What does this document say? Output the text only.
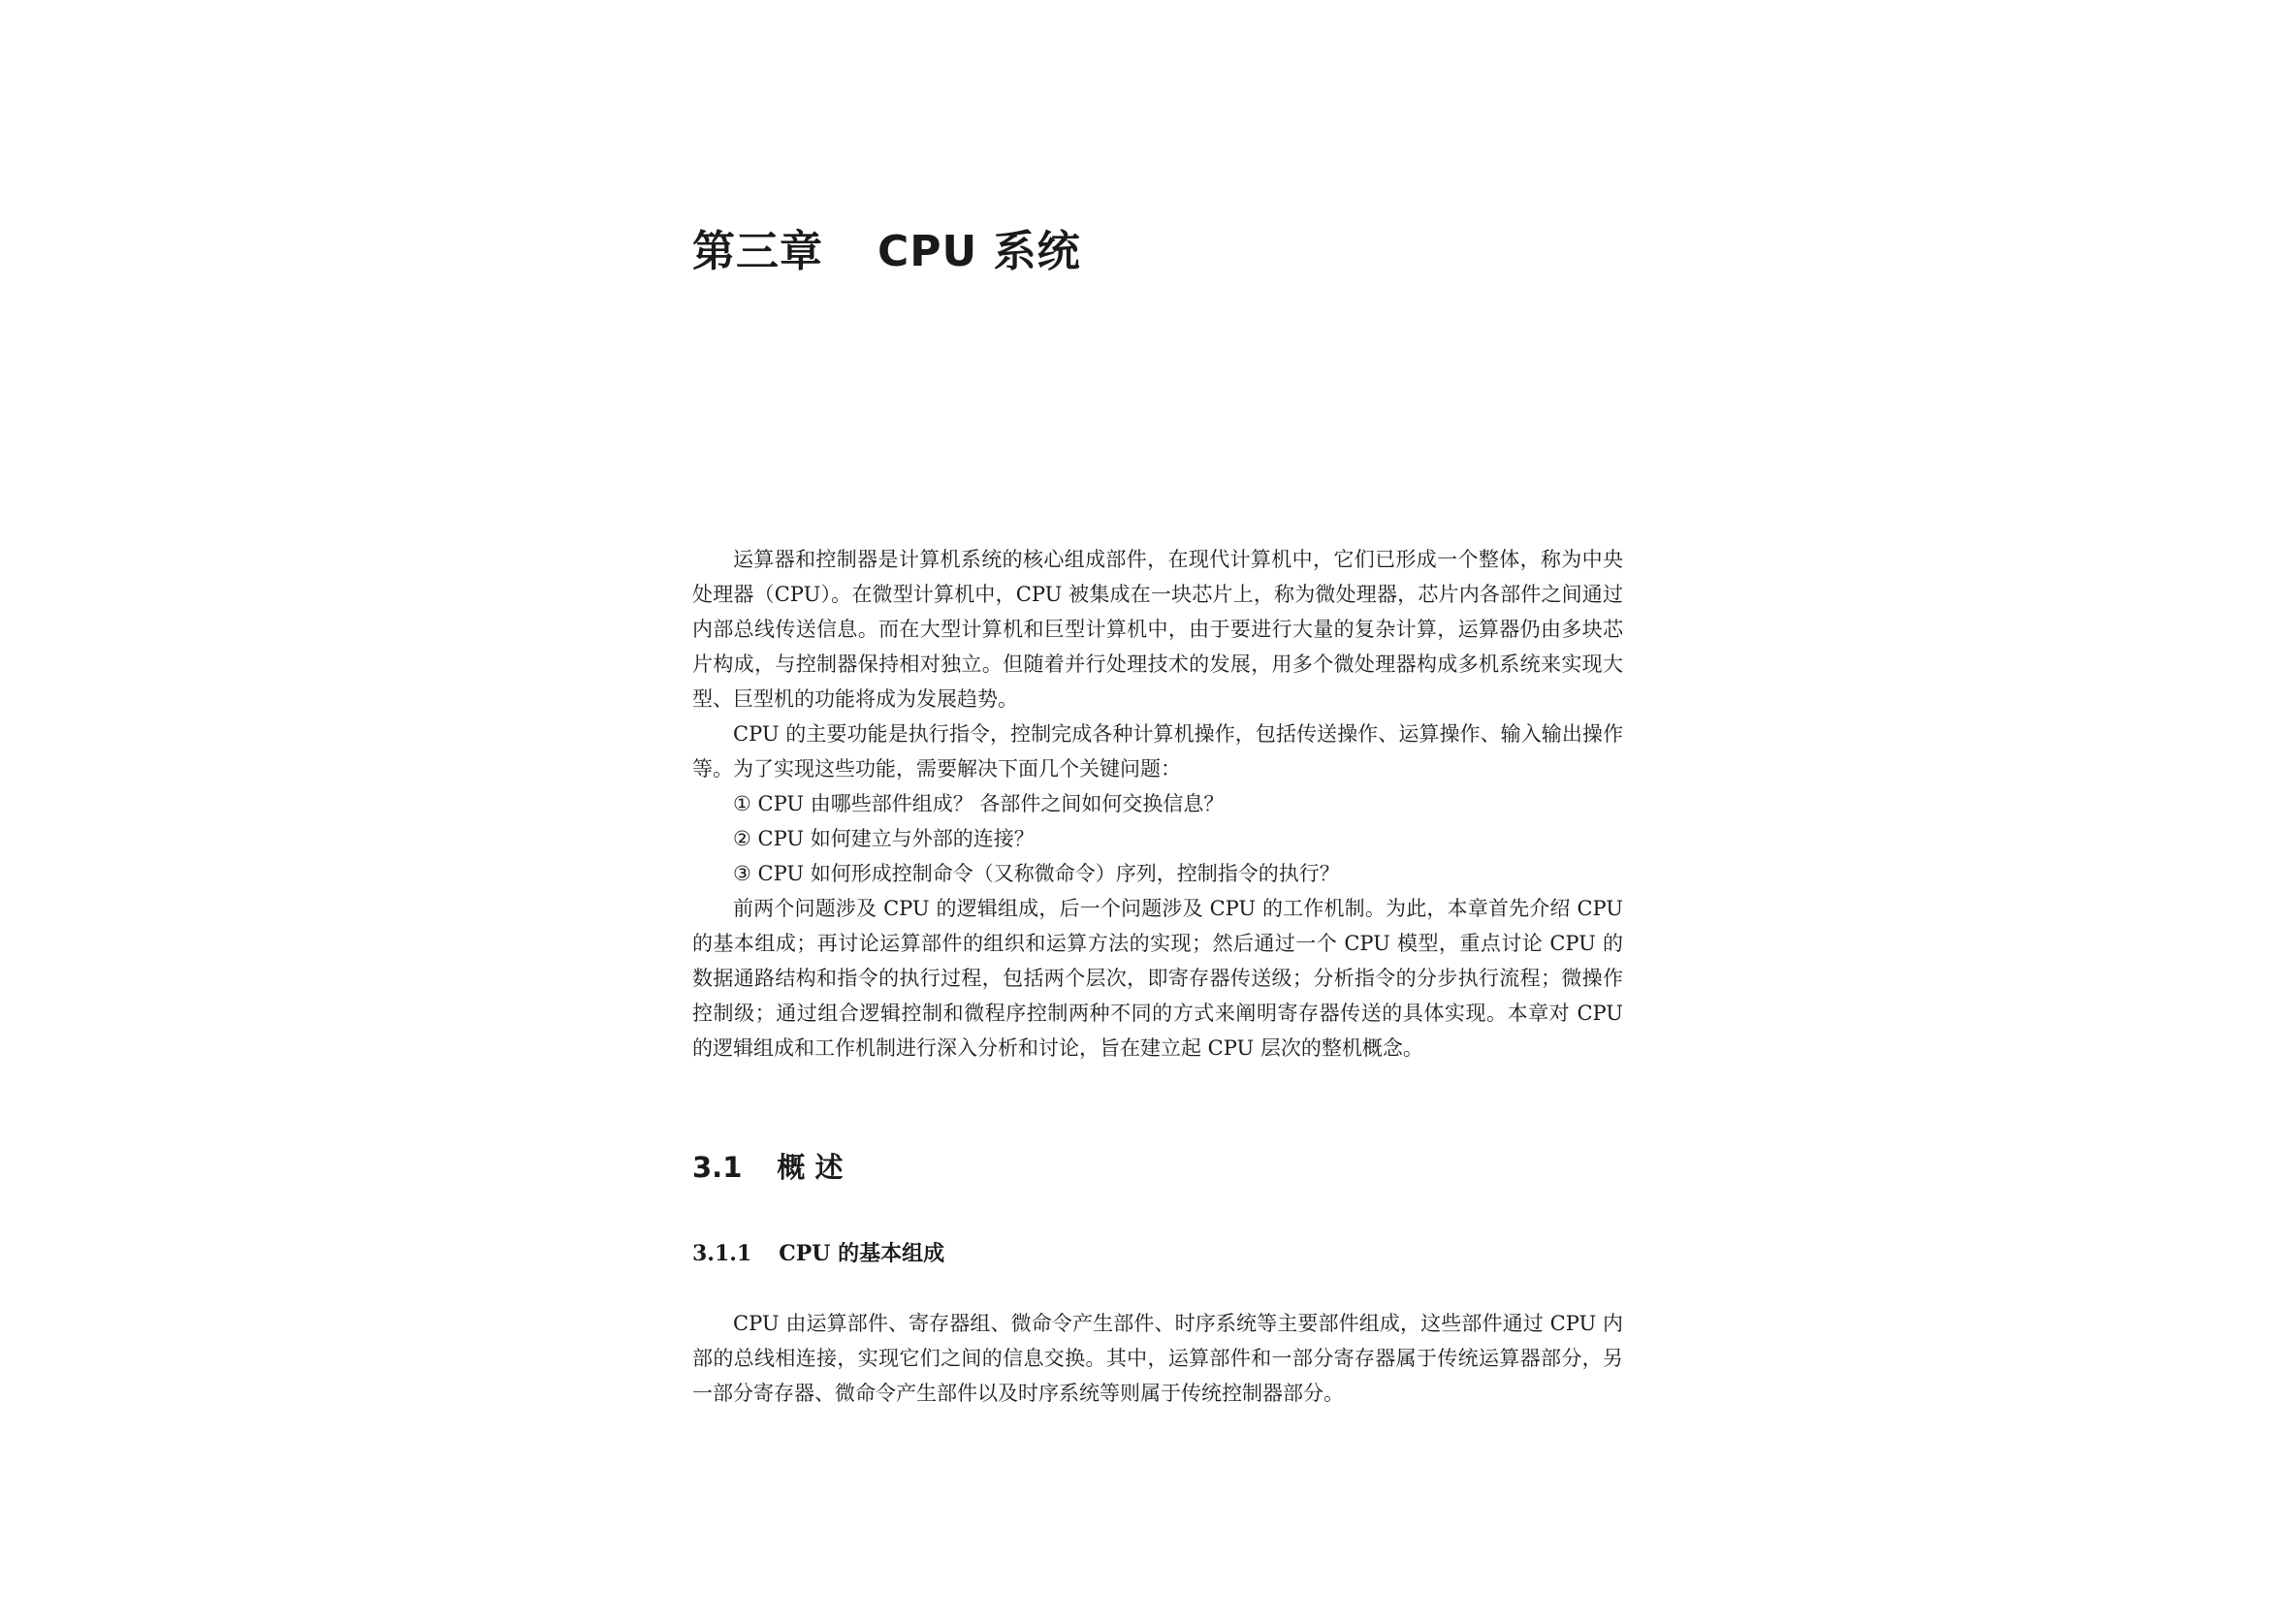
第三章 CPU 系统

运算器和控制器是计算机系统的核心组成部件，在现代计算机中，它们已形成一个整体，称为中央处理器（CPU）。在微型计算机中，CPU 被集成在一块芯片上，称为微处理器，芯片内各部件之间通过内部总线传送信息。而在大型计算机和巨型计算机中，由于要进行大量的复杂计算，运算器仍由多块芯片构成，与控制器保持相对独立。但随着并行处理技术的发展，用多个微处理器构成多机系统来实现大型、巨型机的功能将成为发展趋势。

CPU 的主要功能是执行指令，控制完成各种计算机操作，包括传送操作、运算操作、输入输出操作等。为了实现这些功能，需要解决下面几个关键问题：

① CPU 由哪些部件组成？ 各部件之间如何交换信息？

② CPU 如何建立与外部的连接？

③ CPU 如何形成控制命令（又称微命令）序列，控制指令的执行？

前两个问题涉及 CPU 的逻辑组成，后一个问题涉及 CPU 的工作机制。为此，本章首先介绍 CPU 的基本组成；再讨论运算部件的组织和运算方法的实现；然后通过一个 CPU 模型，重点讨论 CPU 的数据通路结构和指令的执行过程，包括两个层次，即寄存器传送级；分析指令的分步执行流程；微操作控制级；通过组合逻辑控制和微程序控制两种不同的方式来阐明寄存器传送的具体实现。本章对 CPU 的逻辑组成和工作机制进行深入分析和讨论，旨在建立起 CPU 层次的整机概念。

3.1 概 述
3.1.1 CPU 的基本组成

CPU 由运算部件、寄存器组、微命令产生部件、时序系统等主要部件组成，这些部件通过 CPU 内部的总线相连接，实现它们之间的信息交换。其中，运算部件和一部分寄存器属于传统运算器部分，另一部分寄存器、微命令产生部件以及时序系统等则属于传统控制器部分。
